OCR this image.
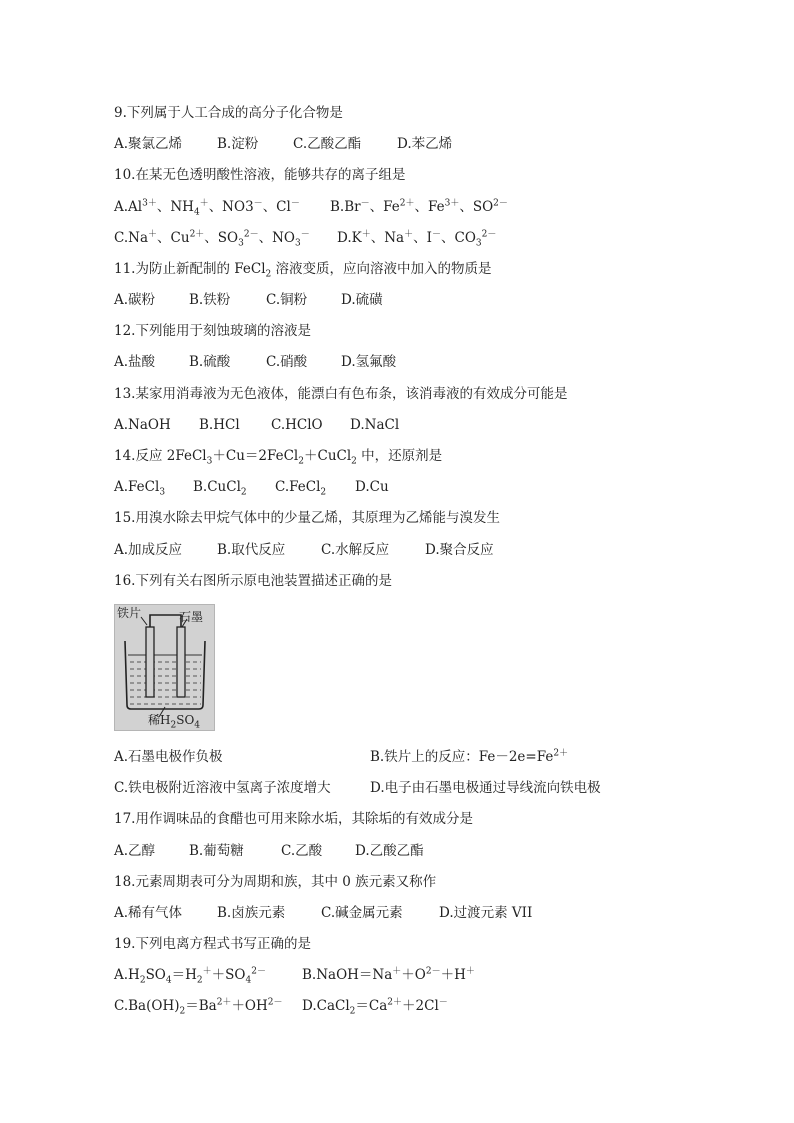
9.下列属于人工合成的高分子化合物是
A.聚氯乙烯	B.淀粉	C.乙酸乙酯	D.苯乙烯
10.在某无色透明酸性溶液，能够共存的离子组是
$A.Al^{3+}$、$NH_4^+$、NO3－、Cl－ B.Br－、$Fe^{2+}$、$Fe^{3+}$、$SO^{2-}$
C.Na＋、$Cu^{2+}$、$SO_3^{2-}$、$NO_3^-$ D.K＋、Na＋、I－、$CO_3^{2-}$
11.为防止新配制的 FeCl$_2$ 溶液变质，应向溶液中加入的物质是
A.碳粉	B.铁粉	C.铜粉	D.硫磺
12.下列能用于刻蚀玻璃的溶液是
A.盐酸	B.硫酸	C.硝酸	D.氢氟酸
13.某家用消毒液为无色液体，能漂白有色布条，该消毒液的有效成分可能是
A.NaOH B.HCl C.HClO D.NaCl
14.反应 2FeCl$_3$＋Cu＝2FeCl$_2$＋CuCl$_2$ 中，还原剂是
A.FeCl$_3$ B.CuCl$_2$ C.FeCl$_2$ D.Cu
15.用溴水除去甲烷气体中的少量乙烯，其原理为乙烯能与溴发生
A.加成反应	B.取代反应	C.水解反应	D.聚合反应
16.下列有关右图所示原电池装置描述正确的是
铁片	石墨
稀$H_2SO_4$
A.石墨电极作负极	B.铁片上的反应：$Fe-2e=Fe^{2+}$
C.铁电极附近溶液中氢离子浓度增大	D.电子由石墨电极通过导线流向铁电极
17.用作调味品的食醋也可用来除水垢，其除垢的有效成分是
A.乙醇	B.葡萄糖	C.乙酸 D.乙酸乙酯
18.元素周期表可分为周期和族，其中 0 族元素又称作
A.稀有气体	B.卤族元素	C.碱金属元素	D.过渡元素 VII
19.下列电离方程式书写正确的是
$A.H_2SO_4=H_2^++SO_4^{2-}$	$B.NaOH=Na^++O^{2-}+H^+$
$C.Ba(OH)_2=Ba^{2+}+OH^{2-}$ $D.CaCl_2=Ca^{2+}+2Cl^-$
